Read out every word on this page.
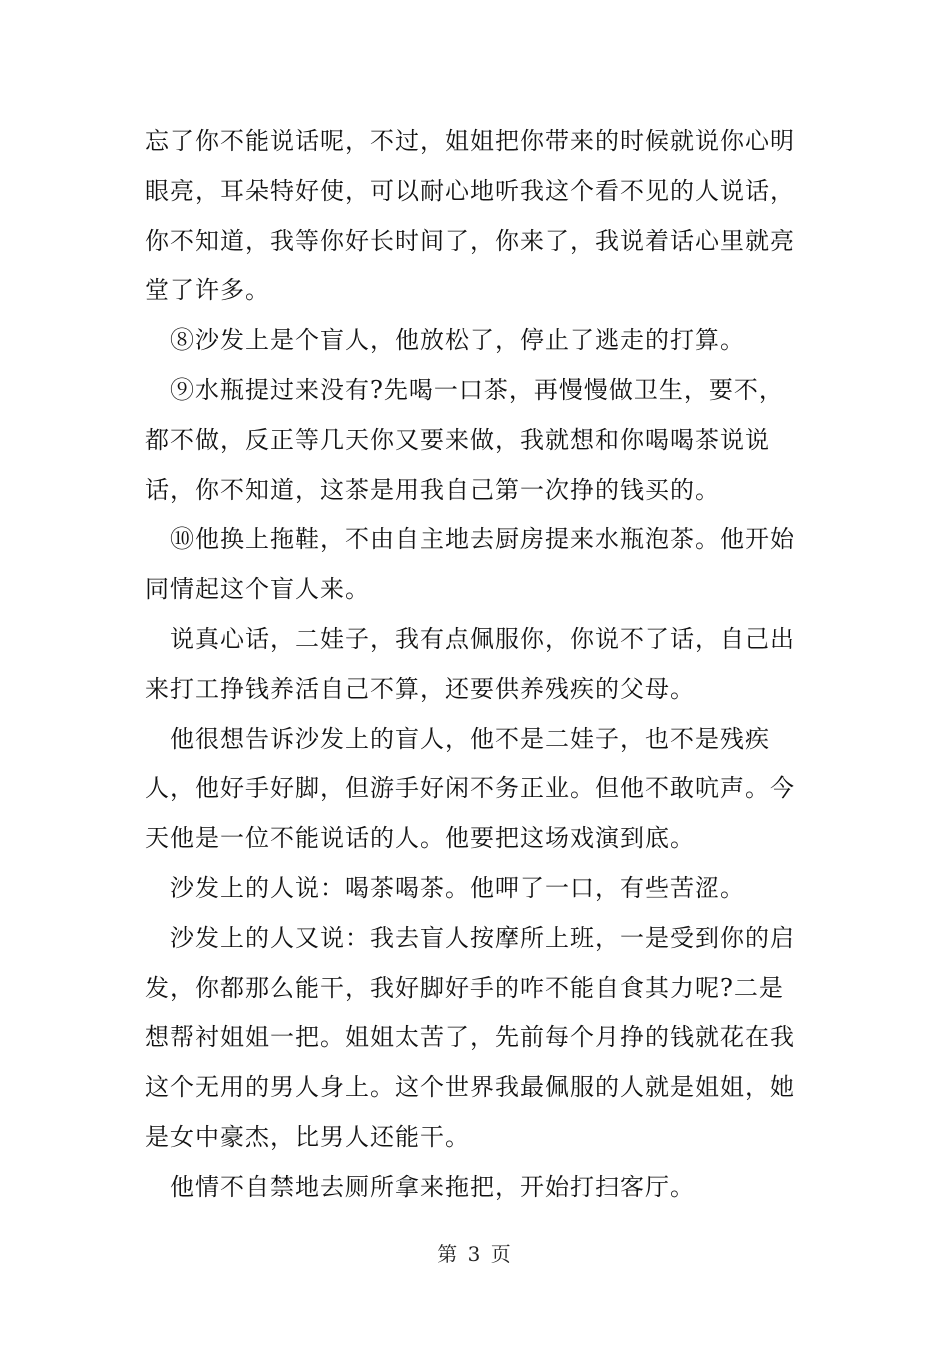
忘了你不能说话呢，不过，姐姐把你带来的时候就说你心明眼亮，耳朵特好使，可以耐心地听我这个看不见的人说话，你不知道，我等你好长时间了，你来了，我说着话心里就亮堂了许多。

⑧沙发上是个盲人，他放松了，停止了逃走的打算。

⑨水瓶提过来没有?先喝一口茶，再慢慢做卫生，要不，都不做，反正等几天你又要来做，我就想和你喝喝茶说说话，你不知道，这茶是用我自己第一次挣的钱买的。

⑩他换上拖鞋，不由自主地去厨房提来水瓶泡茶。他开始同情起这个盲人来。

说真心话，二娃子，我有点佩服你，你说不了话，自己出来打工挣钱养活自己不算，还要供养残疾的父母。

他很想告诉沙发上的盲人，他不是二娃子，也不是残疾人，他好手好脚，但游手好闲不务正业。但他不敢吭声。今天他是一位不能说话的人。他要把这场戏演到底。

沙发上的人说：喝茶喝茶。他呷了一口，有些苦涩。

沙发上的人又说：我去盲人按摩所上班，一是受到你的启发，你都那么能干，我好脚好手的咋不能自食其力呢?二是想帮衬姐姐一把。姐姐太苦了，先前每个月挣的钱就花在我这个无用的男人身上。这个世界我最佩服的人就是姐姐，她是女中豪杰，比男人还能干。

他情不自禁地去厕所拿来拖把，开始打扫客厅。

第 3 页
